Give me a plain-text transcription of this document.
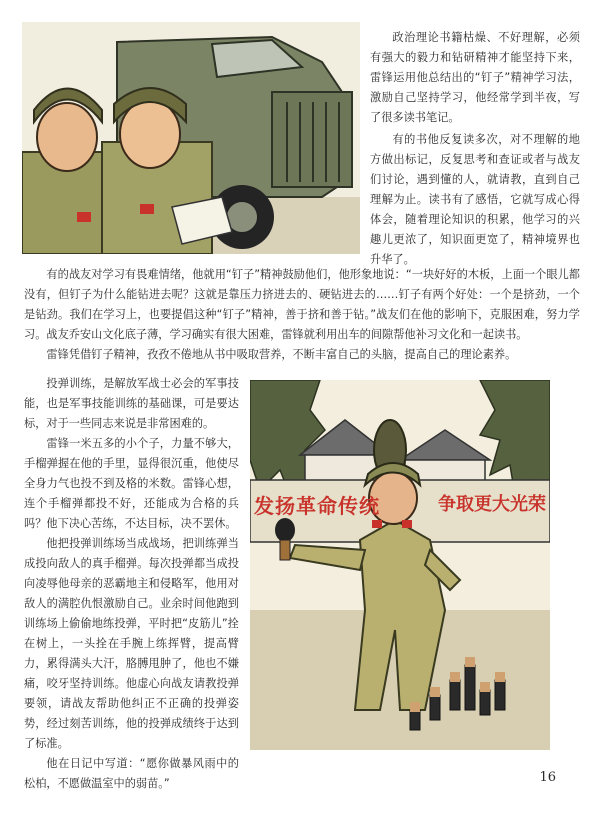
政治理论书籍枯燥、不好理解，必须有强大的毅力和钻研精神才能坚持下来，雷锋运用他总结出的“钉子”精神学习法，激励自己坚持学习，他经常学到半夜，写了很多读书笔记。

有的书他反复读多次，对不理解的地方做出标记，反复思考和查证或者与战友们讨论，遇到懂的人，就请教，直到自己理解为止。读书有了感悟，它就写成心得体会，随着理论知识的积累，他学习的兴趣儿更浓了，知识面更宽了，精神境界也升华了。

有的战友对学习有畏难情绪，他就用“钉子”精神鼓励他们，他形象地说：“一块好好的木板，上面一个眼儿都没有，但钉子为什么能钻进去呢？这就是靠压力挤进去的、硬钻进去的……钉子有两个好处：一个是挤劲，一个是钻劲。我们在学习上，也要提倡这种“钉子”精神，善于挤和善于钻。”战友们在他的影响下，克服困难，努力学习。战友乔安山文化底子薄，学习确实有很大困难，雷锋就利用出车的间隙帮他补习文化和一起读书。

雷锋凭借钉子精神，孜孜不倦地从书中吸取营养，不断丰富自己的头脑，提高自己的理论素养。

投弹训练，是解放军战士必会的军事技能，也是军事技能训练的基础课，可是要达标，对于一些同志来说是非常困难的。

雷锋一米五多的小个子，力量不够大，手榴弹握在他的手里，显得很沉重，他使尽全身力气也投不到及格的米数。雷锋心想，连个手榴弹都投不好，还能成为合格的兵吗？他下决心苦练，不达目标，决不罢休。

他把投弹训练场当成战场，把训练弹当成投向敌人的真手榴弹。每次投弹都当成投向凌辱他母亲的恶霸地主和侵略军，他用对敌人的满腔仇恨激励自己。业余时间他跑到训练场上偷偷地练投弹，平时把“皮筋儿”拴在树上，一头拴在手腕上练挥臂，提高臂力，累得满头大汗，胳膊甩肿了，他也不嫌痛，咬牙坚持训练。他虚心向战友请教投弹要领，请战友帮助他纠正不正确的投弹姿势，经过刻苦训练，他的投弹成绩终于达到了标准。

他在日记中写道：“愿你做暴风雨中的松柏，不愿做温室中的弱苗。”

发扬革命传统	争取更大光荣
16
